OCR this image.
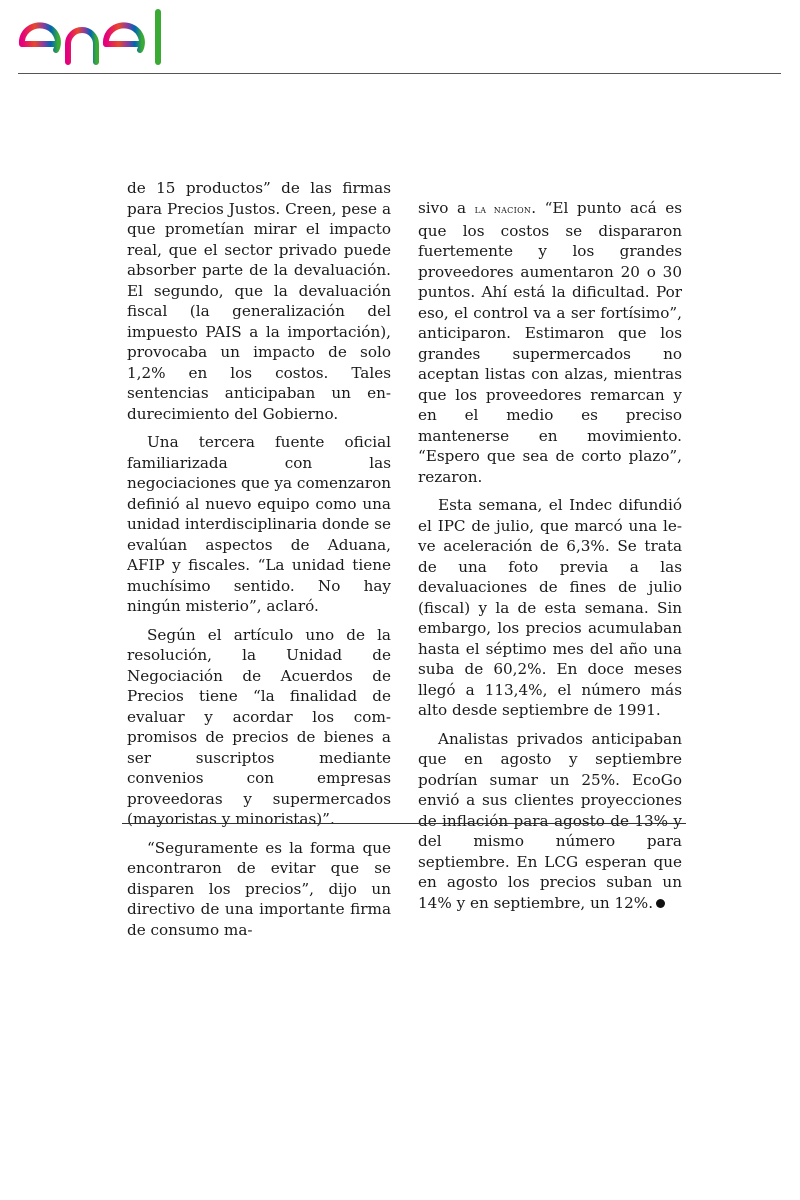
de 15 productos” de las firmas para Precios Justos. Creen, pese a que prometían mirar el impacto real, que el sector privado puede absorber parte de la devaluación. El segundo, que la devaluación fiscal (la generalización del impuesto PAIS a la importación), provocaba un impacto de solo 1,2% en los costos. Tales sentencias anticipaban un endurecimiento del Gobierno.

Una tercera fuente oficial familiarizada con las negociaciones que ya comenzaron definió al nuevo equipo como una unidad interdisciplinaria donde se evalúan aspectos de Aduana, AFIP y fiscales. “La unidad tiene muchísimo sentido. No hay ningún misterio”, aclaró.

Según el artículo uno de la resolución, la Unidad de Negociación de Acuerdos de Precios tiene “la finalidad de evaluar y acordar los compromisos de precios de bienes a ser suscriptos mediante convenios con empresas proveedoras y supermercados (mayoristas y minoristas)”.

“Seguramente es la forma que encontraron de evitar que se disparen los precios”, dijo un directivo de una importante firma de consumo ma-

sivo a la nacion. “El punto acá es que los costos se dispararon fuertemente y los grandes proveedores aumentaron 20 o 30 puntos. Ahí está la dificultad. Por eso, el control va a ser fortísimo”, anticiparon. Estimaron que los grandes supermercados no aceptan listas con alzas, mientras que los proveedores remarcan y en el medio es preciso mantenerse en movimiento. “Espero que sea de corto plazo”, rezaron.

Esta semana, el Indec difundió el IPC de julio, que marcó una leve aceleración de 6,3%. Se trata de una foto previa a las devaluaciones de fines de julio (fiscal) y la de esta semana. Sin embargo, los precios acumulaban hasta el séptimo mes del año una suba de 60,2%. En doce meses llegó a 113,4%, el número más alto desde septiembre de 1991.

Analistas privados anticipaban que en agosto y septiembre podrían sumar un 25%. EcoGo envió a sus clientes proyecciones de inflación para agosto de 13% y del mismo número para septiembre. En LCG esperan que en agosto los precios suban un 14% y en septiembre, un 12%.
